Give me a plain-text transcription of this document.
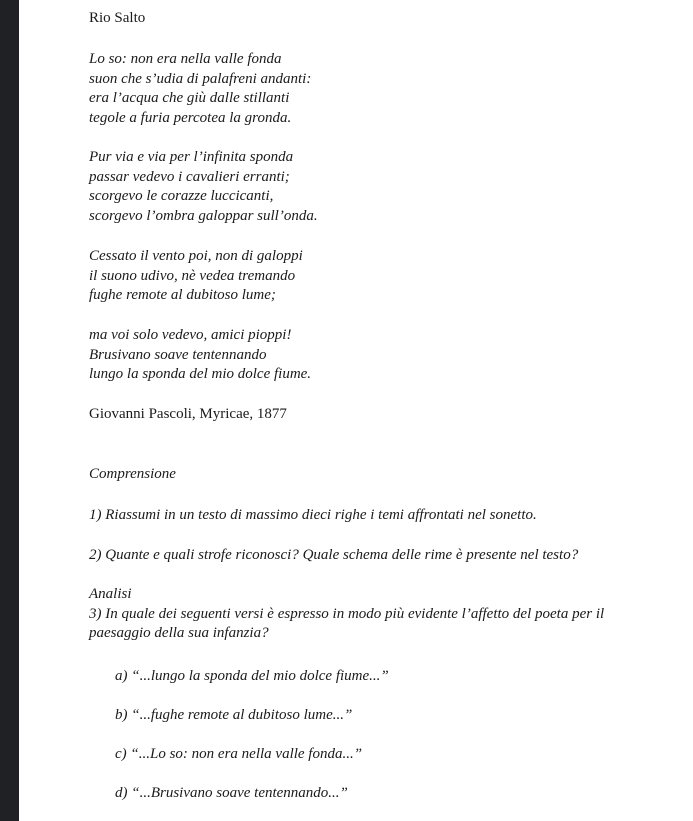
Rio Salto
Lo so: non era nella valle fonda
suon che s’udia di palafreni andanti:
era l’acqua che giù dalle stillanti
tegole a furia percotea la gronda.
Pur via e via per l’infinita sponda
passar vedevo i cavalieri erranti;
scorgevo le corazze luccicanti,
scorgevo l’ombra galoppar sull’onda.
Cessato il vento poi, non di galoppi
il suono udivo, nè vedea tremando
fughe remote al dubitoso lume;
ma voi solo vedevo, amici pioppi!
Brusivano soave tentennando
lungo la sponda del mio dolce fiume.
Giovanni Pascoli, Myricae, 1877
Comprensione
1) Riassumi in un testo di massimo dieci righe i temi affrontati nel sonetto.
2) Quante e quali strofe riconosci? Quale schema delle rime è presente nel testo?
Analisi
3) In quale dei seguenti versi è espresso in modo più evidente l’affetto del poeta per il
paesaggio della sua infanzia?
a) “...lungo la sponda del mio dolce fiume...”
b) “...fughe remote al dubitoso lume...”
c) “...Lo so: non era nella valle fonda...”
d) “...Brusivano soave tentennando...”
